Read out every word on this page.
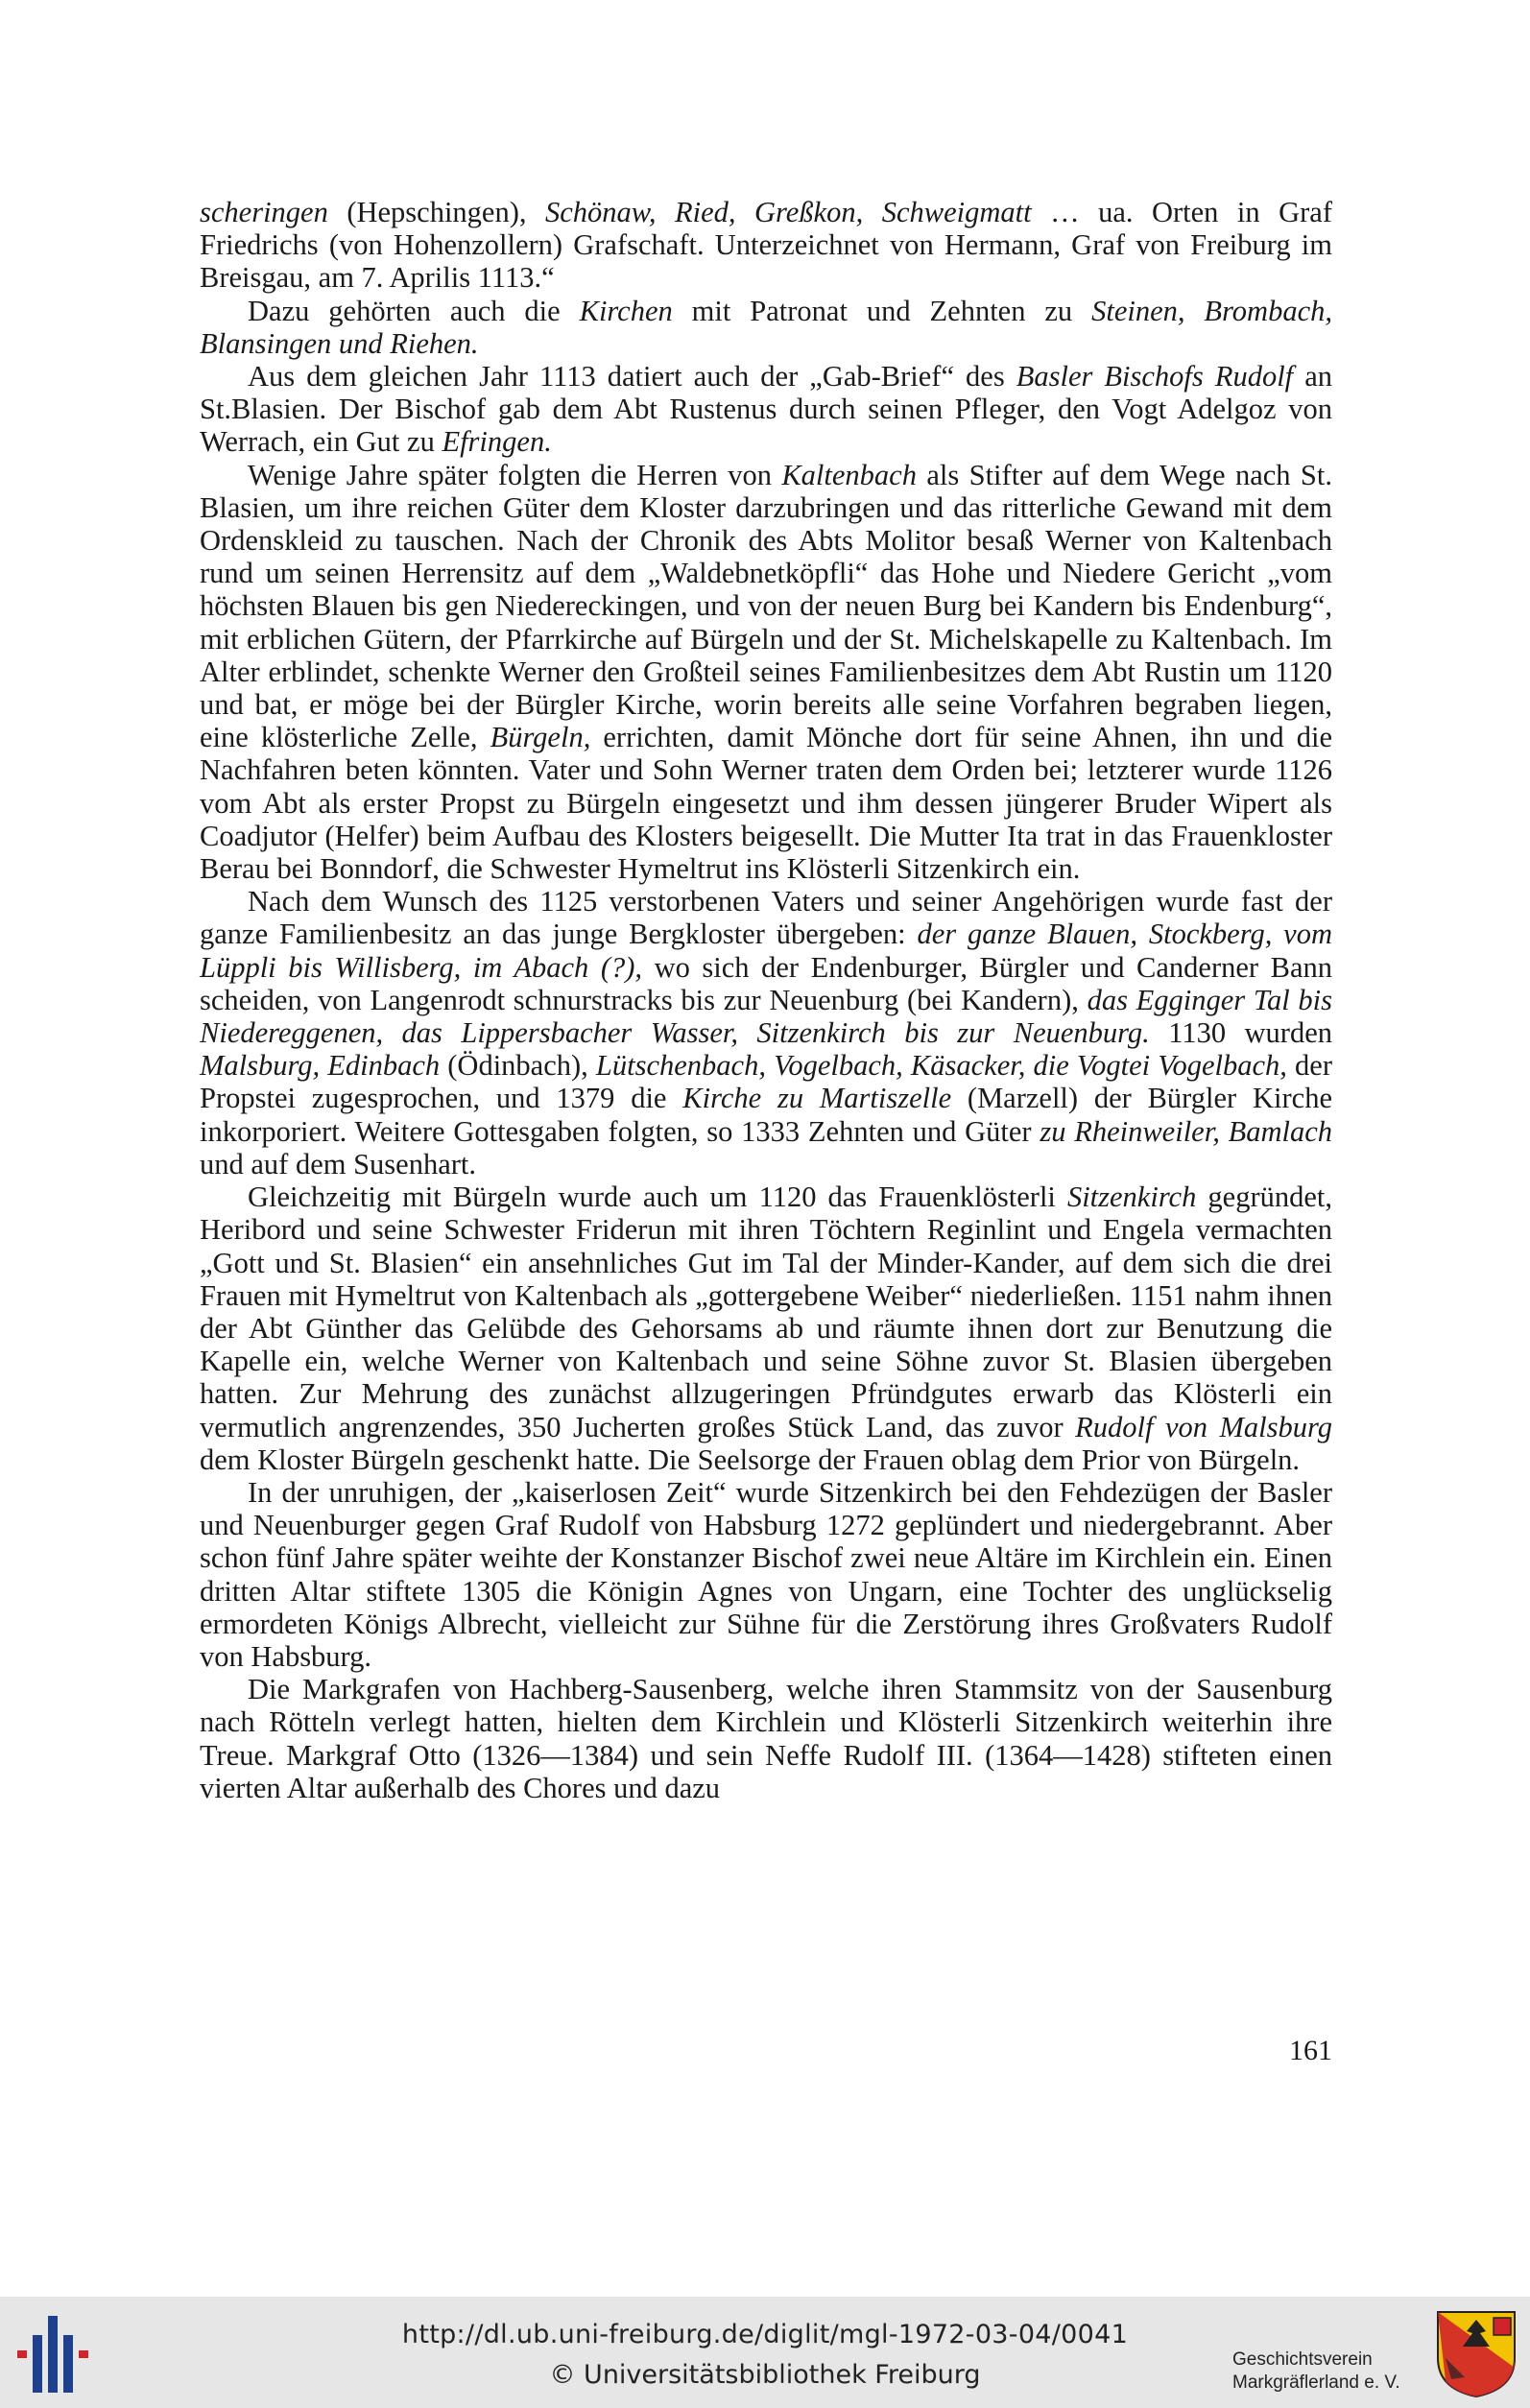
scheringen (Hepschingen), Schönaw, Ried, Greßkon, Schweigmatt … ua. Orten in Graf Friedrichs (von Hohenzollern) Grafschaft. Unterzeichnet von Hermann, Graf von Freiburg im Breisgau, am 7. Aprilis 1113.“

Dazu gehörten auch die Kirchen mit Patronat und Zehnten zu Steinen, Brombach, Blansingen und Riehen.

Aus dem gleichen Jahr 1113 datiert auch der „Gab-Brief“ des Basler Bischofs Rudolf an St.Blasien. Der Bischof gab dem Abt Rustenus durch seinen Pfleger, den Vogt Adelgoz von Werrach, ein Gut zu Efringen.

Wenige Jahre später folgten die Herren von Kaltenbach als Stifter auf dem Wege nach St. Blasien, um ihre reichen Güter dem Kloster darzubringen und das ritterliche Gewand mit dem Ordenskleid zu tauschen. Nach der Chronik des Abts Molitor besaß Werner von Kaltenbach rund um seinen Herrensitz auf dem „Waldebnetköpfli“ das Hohe und Niedere Gericht „vom höchsten Blauen bis gen Niedereckingen, und von der neuen Burg bei Kandern bis Endenburg“, mit erblichen Gütern, der Pfarrkirche auf Bürgeln und der St. Michelskapelle zu Kaltenbach. Im Alter erblindet, schenkte Werner den Großteil seines Familienbesitzes dem Abt Rustin um 1120 und bat, er möge bei der Bürgler Kirche, worin bereits alle seine Vorfahren begraben liegen, eine klösterliche Zelle, Bürgeln, errichten, damit Mönche dort für seine Ahnen, ihn und die Nachfahren beten könnten. Vater und Sohn Werner traten dem Orden bei; letzterer wurde 1126 vom Abt als erster Propst zu Bürgeln eingesetzt und ihm dessen jüngerer Bruder Wipert als Coadjutor (Helfer) beim Aufbau des Klosters beigesellt. Die Mutter Ita trat in das Frauenkloster Berau bei Bonndorf, die Schwester Hymeltrut ins Klösterli Sitzenkirch ein.

Nach dem Wunsch des 1125 verstorbenen Vaters und seiner Angehörigen wurde fast der ganze Familienbesitz an das junge Bergkloster übergeben: der ganze Blauen, Stockberg, vom Lüppli bis Willisberg, im Abach (?), wo sich der Endenburger, Bürgler und Canderner Bann scheiden, von Langenrodt schnurstracks bis zur Neuenburg (bei Kandern), das Egginger Tal bis Niedereggenen, das Lippersbacher Wasser, Sitzenkirch bis zur Neuenburg. 1130 wurden Malsburg, Edinbach (Ödinbach), Lütschenbach, Vogelbach, Käsacker, die Vogtei Vogelbach, der Propstei zugesprochen, und 1379 die Kirche zu Martiszelle (Marzell) der Bürgler Kirche inkorporiert. Weitere Gottesgaben folgten, so 1333 Zehnten und Güter zu Rheinweiler, Bamlach und auf dem Susenhart.

Gleichzeitig mit Bürgeln wurde auch um 1120 das Frauenklösterli Sitzenkirch gegründet, Heribord und seine Schwester Friderun mit ihren Töchtern Reginlint und Engela vermachten „Gott und St. Blasien“ ein ansehnliches Gut im Tal der Minder-Kander, auf dem sich die drei Frauen mit Hymeltrut von Kaltenbach als „gottergebene Weiber“ niederließen. 1151 nahm ihnen der Abt Günther das Gelübde des Gehorsams ab und räumte ihnen dort zur Benutzung die Kapelle ein, welche Werner von Kaltenbach und seine Söhne zuvor St. Blasien übergeben hatten. Zur Mehrung des zunächst allzugeringen Pfründgutes erwarb das Klösterli ein vermutlich angrenzendes, 350 Jucherten großes Stück Land, das zuvor Rudolf von Malsburg dem Kloster Bürgeln geschenkt hatte. Die Seelsorge der Frauen oblag dem Prior von Bürgeln.

In der unruhigen, der „kaiserlosen Zeit“ wurde Sitzenkirch bei den Fehdezügen der Basler und Neuenburger gegen Graf Rudolf von Habsburg 1272 geplündert und niedergebrannt. Aber schon fünf Jahre später weihte der Konstanzer Bischof zwei neue Altäre im Kirchlein ein. Einen dritten Altar stiftete 1305 die Königin Agnes von Ungarn, eine Tochter des unglückselig ermordeten Königs Albrecht, vielleicht zur Sühne für die Zerstörung ihres Großvaters Rudolf von Habsburg.

Die Markgrafen von Hachberg-Sausenberg, welche ihren Stammsitz von der Sausenburg nach Rötteln verlegt hatten, hielten dem Kirchlein und Klösterli Sitzenkirch weiterhin ihre Treue. Markgraf Otto (1326—1384) und sein Neffe Rudolf III. (1364—1428) stifteten einen vierten Altar außerhalb des Chores und dazu

161
http://dl.ub.uni-freiburg.de/diglit/mgl-1972-03-04/0041
© Universitätsbibliothek Freiburg
Geschichtsverein
Markgräflerland e. V.
